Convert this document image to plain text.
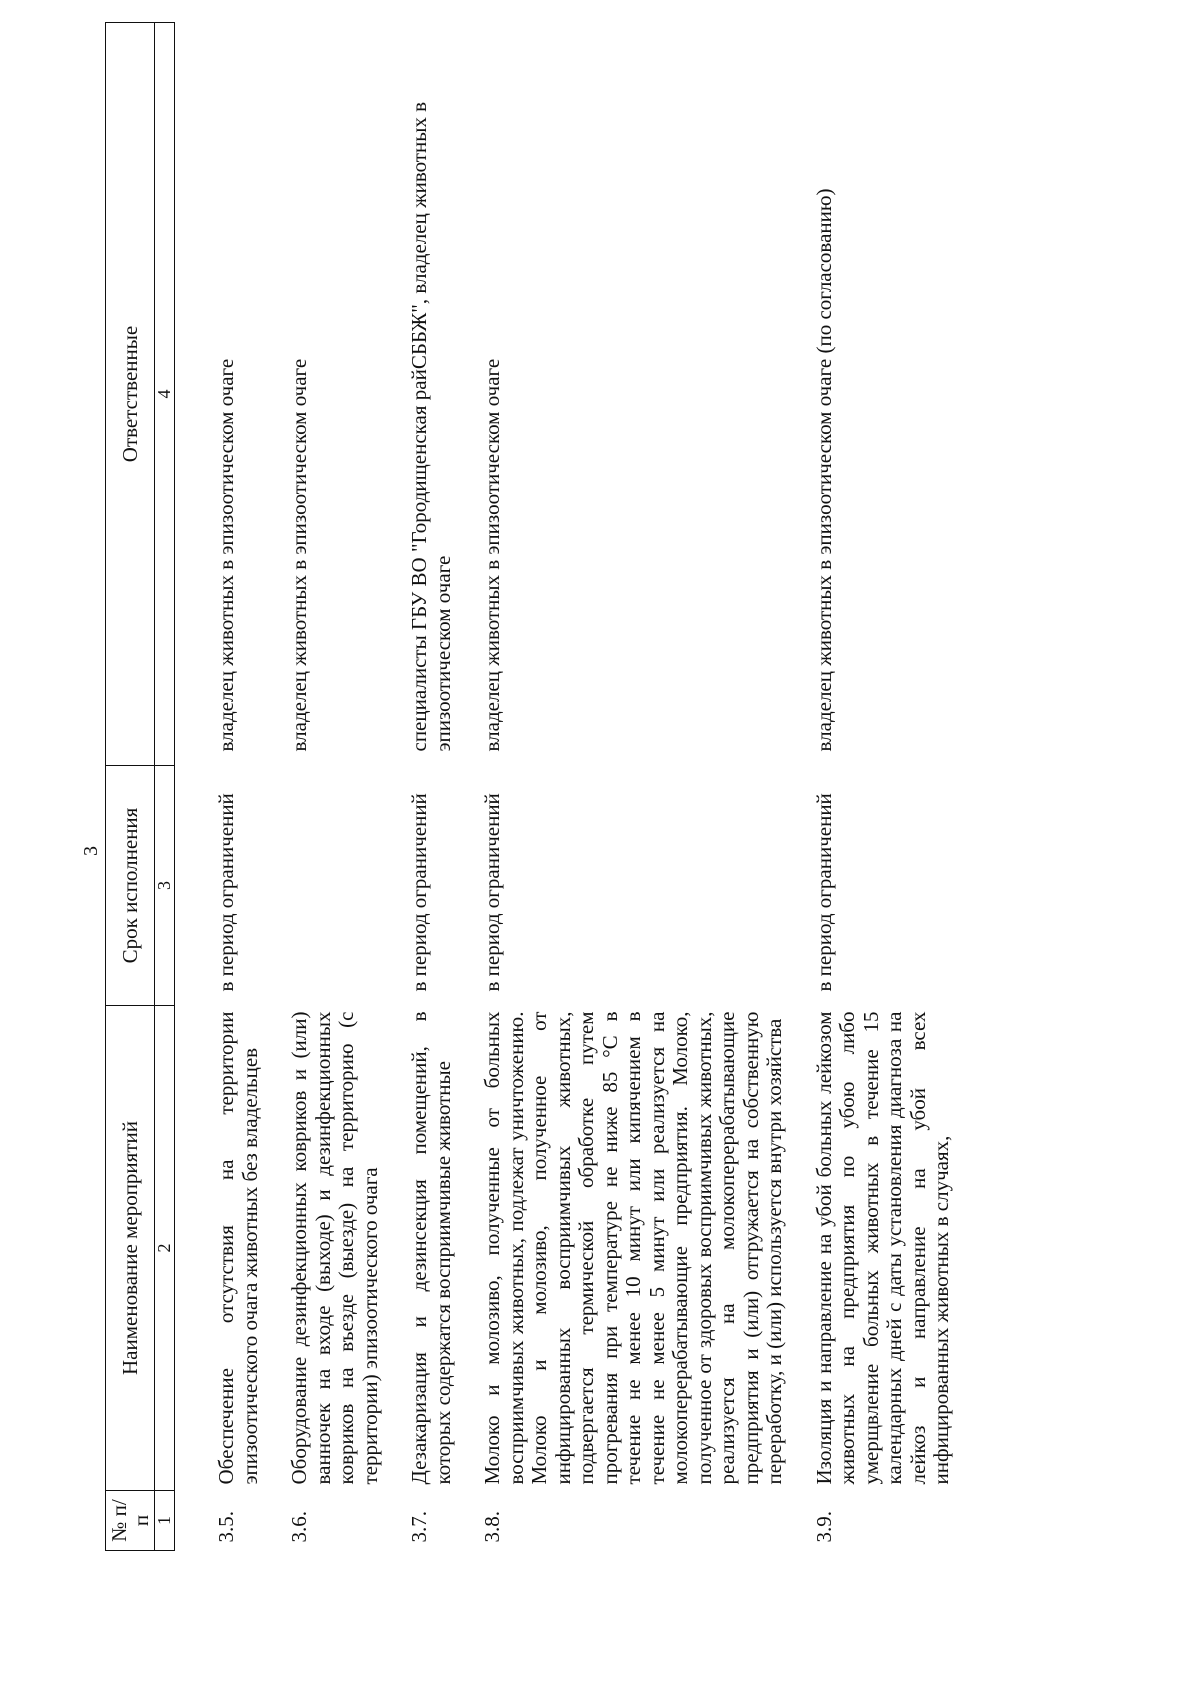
3
№ п/п	Наименование мероприятий	Срок исполнения	Ответственные
1	2	3	4

3.5.	Обеспечение отсутствия на территории эпизоотического очага животных без владельцев	в период ограничений	владелец животных в эпизоотическом очаге

3.6.	Оборудование дезинфекционных ковриков и (или) ванночек на входе (выходе) и дезинфекционных ковриков на въезде (выезде) на территорию (с территории) эпизоотического очага		владелец животных в эпизоотическом очаге

3.7.	Дезакаризация и дезинсекция помещений, в которых содержатся восприимчивые животные	в период ограничений	специалисты ГБУ ВО "Городищенская райСББЖ", владелец животных в эпизоотическом очаге

3.8.	Молоко и молозиво, полученные от больных восприимчивых животных, подлежат уничтожению. Молоко и молозиво, полученное от инфицированных восприимчивых животных, подвергается термической обработке путем прогревания при температуре не ниже 85 °С в течение не менее 10 минут или кипячением в течение не менее 5 минут или реализуется на молокоперерабатывающие предприятия. Молоко, полученное от здоровых восприимчивых животных, реализуется на молокоперерабатывающие предприятия и (или) отгружается на собственную переработку, и (или) используется внутри хозяйства	в период ограничений	владелец животных в эпизоотическом очаге

3.9.	Изоляция и направление на убой больных лейкозом животных на предприятия по убою либо умерщвление больных животных в течение 15 календарных дней с даты установления диагноза на лейкоз и направление на убой всех инфицированных животных в случаях,	в период ограничений	владелец животных в эпизоотическом очаге (по согласованию)
